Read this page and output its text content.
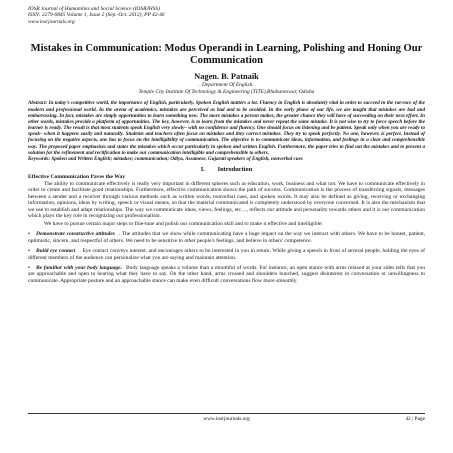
IOSR Journal of Humanities and Social Science (IOSRJHSS)
ISSN: 2279-0845 Volume 1, Issue 2 (Sep.-Oct. 2012), PP 42-46
www.iosrjournals.org
Mistakes in Communication: Modus Operandi in Learning, Polishing and Honing Our Communication
Nagen. B. Patnaik
. Department Of English.
Temple City Institute Of Technology & Engineering (TITE),Bhubaneswar, Odisha
Abstract: In today's competitive world, the importance of English, particularly, Spoken English matters a lot. Fluency in English is absolutely vital in order to succeed in the rat-race of the modern and professional world. In the arena of academics, mistakes are perceived as bad and to be avoided. In the early phase of our life, we are taught that mistakes are bad and embarrassing. In fact, mistakes are simply opportunities to learn something new. The more mistakes a person makes, the greater chance they will have of succeeding on their next effort. In other words, mistakes provide a platform of opportunities. The key, however, is to learn from the mistakes and never repeat the same mistake. It is not wise to try to force speech before the learner is ready. The result is that most students speak English very slowly– with no confidence and fluency. One should focus on listening and be patient. Speak only when you are ready to speak– when it happens easily and naturally. Students and teachers often focus on mistakes and they correct mistakes. They try to speak perfectly. No one, however, is perfect. Instead of focusing on the negative aspects, one has to focus on the intelligibility of communication. The objective is to communicate ideas, information, and feelings in a clear and comprehensible way. The proposed paper emphasizes and states the mistakes which occur particularly in spoken and written English. Furthermore, the paper tries to find out the mistakes and to present a solution for the refinement and rectification to make our communication intelligible and comprehensible to others.
Keywords: Spoken and Written English; mistakes; communication; Odiya, Assamese, Gujarati speakers of English, nonverbal cues
I.        Introduction
Effective Communication Paves the Way
The ability to communicate effectively is really very important in different spheres such as education, work, business and what not. We have to communicate effectively in order to create and facilitate good relationships. Furthermore, effective communication shows the path of success. Communication is the process of transferring signals, messages between a sender and a receiver through various methods such as written words, nonverbal cues, and spoken words. It may also be defined as giving, receiving or exchanging information, opinions, ideas by writing, speech or visual means, so that the material communicated is completely understood by everyone concerned. It is also the mechanism that we use to establish and adapt relationships. The way we communicate ideas, views, feelings, etc…, reflects our attitude and personality towards others and it is our communication which plays the key role in recognizing our professionalism.
We have to pursue certain major steps to fine-tune and polish our communication skill and to make it effective and intelligible:
• Demonstrate constructive attitudes . The attitudes that we show while communicating have a huge impact on the way we interact with others. We have to be honest, patient, optimistic, sincere, and respectful of others. We need to be sensitive to other people's feelings, and believe in others' competence.
• Build eye contact . Eye contact conveys interest, and encourages others to be interested in you in return. While giving a speech in front of several people, holding the eyes of different members of the audience can personalize what you are saying and maintain attention.
• Be familiar with your body language. Body language speaks a volume than a mouthful of words. For instance, an open stance with arms relaxed at your sides tells that you are approachable and open to hearing what they have to say. On the other hand, arms crossed and shoulders hunched, suggest disinterest in conversation or unwillingness to communicate. Appropriate posture and an approachable stance can make even difficult conversations flow more smoothly.
www.iosrjournals.org	42 | Page
